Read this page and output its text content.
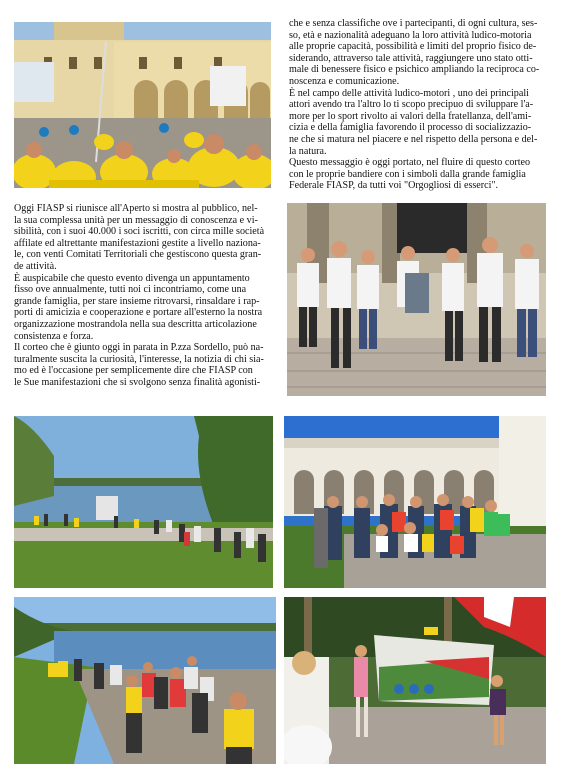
che e senza classifiche ove i partecipanti, di ogni cultura, ses-

so, età e nazionalità adeguano la loro attività ludico-motoria

alle proprie capacità, possibilità e limiti del proprio fisico de-

siderando, attraverso tale attività, raggiungere uno stato otti-

male di benessere fisico e psichico ampliando la reciproca co-

noscenza e comunicazione.

È nel campo delle attività ludico-motori , uno dei principali

attori avendo tra l'altro lo ti scopo precipuo di sviluppare l'a-

more per lo sport rivolto ai valori della fratellanza, dell'ami-

cizia e della famiglia favorendo il processo di socializzazio-

ne che si matura nel piacere e nel rispetto della persona e del-

la natura.

Questo messaggio è oggi portato, nel fluire di questo corteo

con le proprie bandiere con i simboli dalla grande famiglia

Federale FIASP, da tutti voi "Orgogliosi di esserci".

Oggi FIASP si riunisce all'Aperto si mostra al pubblico, nel-

la sua complessa unità per un messaggio di conoscenza e vi-

sibilità, con i suoi 40.000 i soci iscritti, con circa mille società

affilate ed altrettante manifestazioni gestite a livello naziona-

le, con venti Comitati Territoriali che gestiscono questa gran-

de attività.

È auspicabile che questo evento divenga un appuntamento

fisso ove annualmente, tutti noi ci incontriamo, come una

grande famiglia, per stare insieme ritrovarsi, rinsaldare i rap-

porti di amicizia e cooperazione e portare all'esterno la nostra

organizzazione mostrandola nella sua descritta articolazione

consistenza e forza.

Il corteo che è giunto oggi in parata in P.zza Sordello, può na-

turalmente suscita la curiosità, l'interesse, la notizia di chi sia-

mo ed è l'occasione per semplicemente dire che FIASP con

le Sue manifestazioni che si svolgono senza finalità agonisti-
